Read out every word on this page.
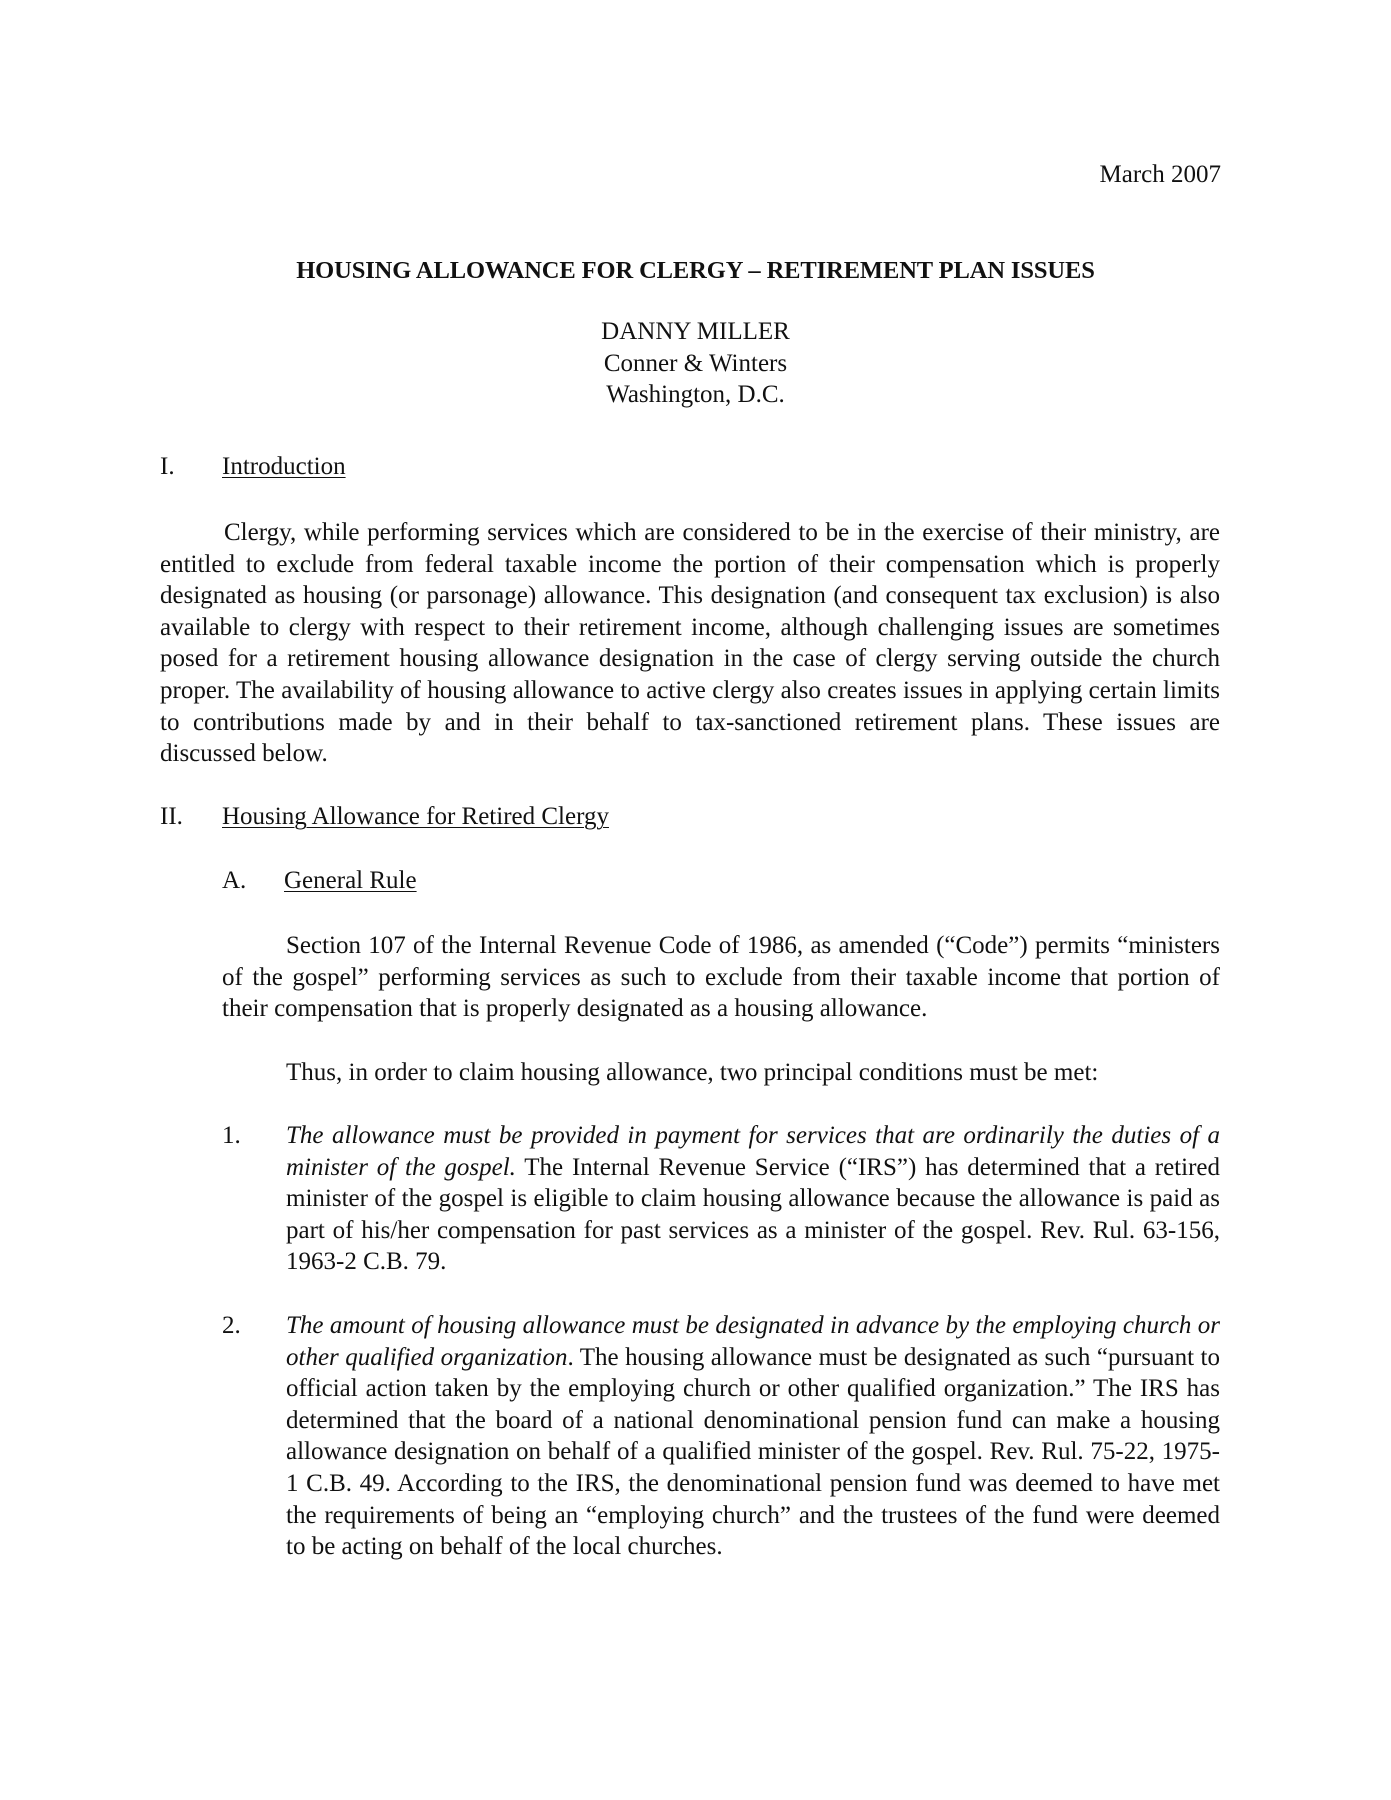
March 2007
HOUSING ALLOWANCE FOR CLERGY – RETIREMENT PLAN ISSUES
DANNY MILLER
Conner & Winters
Washington, D.C.
I. Introduction
Clergy, while performing services which are considered to be in the exercise of their ministry, are entitled to exclude from federal taxable income the portion of their compensation which is properly designated as housing (or parsonage) allowance. This designation (and consequent tax exclusion) is also available to clergy with respect to their retirement income, although challenging issues are sometimes posed for a retirement housing allowance designation in the case of clergy serving outside the church proper. The availability of housing allowance to active clergy also creates issues in applying certain limits to contributions made by and in their behalf to tax-sanctioned retirement plans. These issues are discussed below.
II. Housing Allowance for Retired Clergy
A. General Rule
Section 107 of the Internal Revenue Code of 1986, as amended (“Code”) permits “ministers of the gospel” performing services as such to exclude from their taxable income that portion of their compensation that is properly designated as a housing allowance.
Thus, in order to claim housing allowance, two principal conditions must be met:
1. The allowance must be provided in payment for services that are ordinarily the duties of a minister of the gospel. The Internal Revenue Service (“IRS”) has determined that a retired minister of the gospel is eligible to claim housing allowance because the allowance is paid as part of his/her compensation for past services as a minister of the gospel. Rev. Rul. 63-156, 1963-2 C.B. 79.
2. The amount of housing allowance must be designated in advance by the employing church or other qualified organization. The housing allowance must be designated as such “pursuant to official action taken by the employing church or other qualified organization.” The IRS has determined that the board of a national denominational pension fund can make a housing allowance designation on behalf of a qualified minister of the gospel. Rev. Rul. 75-22, 1975-1 C.B. 49. According to the IRS, the denominational pension fund was deemed to have met the requirements of being an “employing church” and the trustees of the fund were deemed to be acting on behalf of the local churches.
